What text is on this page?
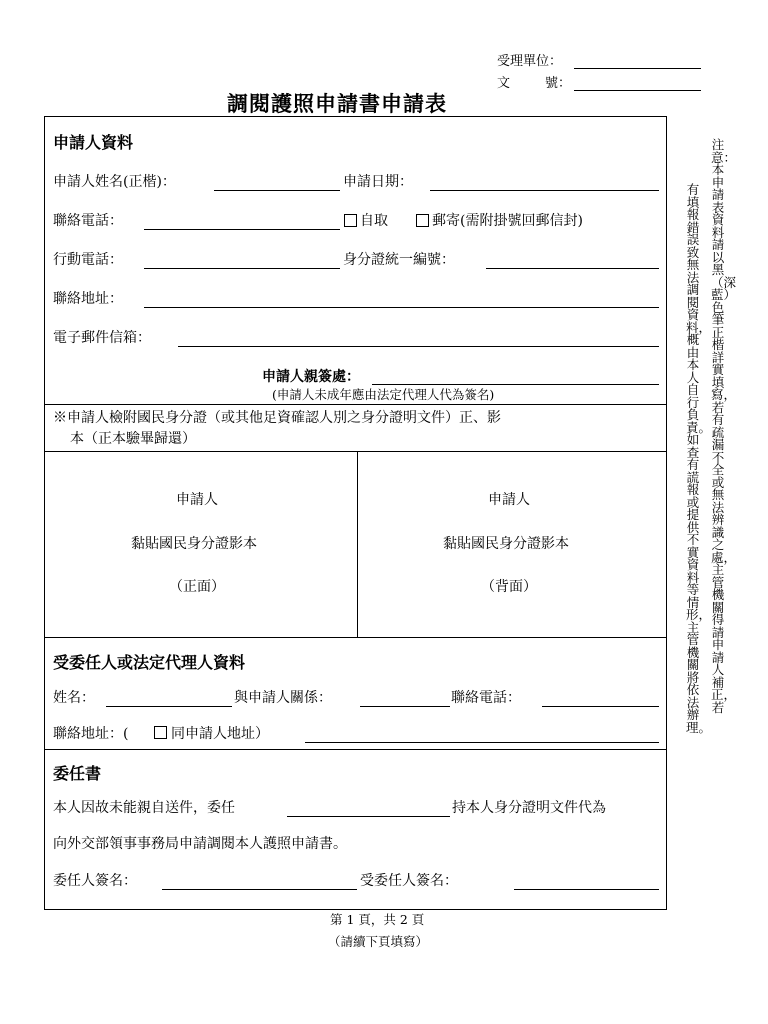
受理單位：
文	號：
調閱護照申請書申請表
申請人資料
申請人姓名(正楷)：	申請日期：
聯絡電話：	自取	郵寄(需附掛號回郵信封)
行動電話：	身分證統一編號：
聯絡地址：
電子郵件信箱：
申請人親簽處：
(申請人未成年應由法定代理人代為簽名)
※申請人檢附國民身分證（或其他足資確認人別之身分證明文件）正、影
本（正本驗畢歸還）
申請人
黏貼國民身分證影本
（正面）
申請人
黏貼國民身分證影本
（背面）
受委任人或法定代理人資料
姓名：	與申請人關係：	聯絡電話：
聯絡地址：(	同申請人地址）
委任書
本人因故未能親自送件，委任	持本人身分證明文件代為
向外交部領事事務局申請調閱本人護照申請書。
委任人簽名：	受委任人簽名：
第 1 頁，共 2 頁
（請續下頁填寫）
注意：本申請表資料請以黑（深藍）色筆正楷詳實填寫，若有疏漏不全或無法辨識之處，主管機關得請申請人補正，若
有填報錯誤致無法調閱資料，概由本人自行負責。如查有謊報或提供不實資料等情形，主管機關將依法辦理。
